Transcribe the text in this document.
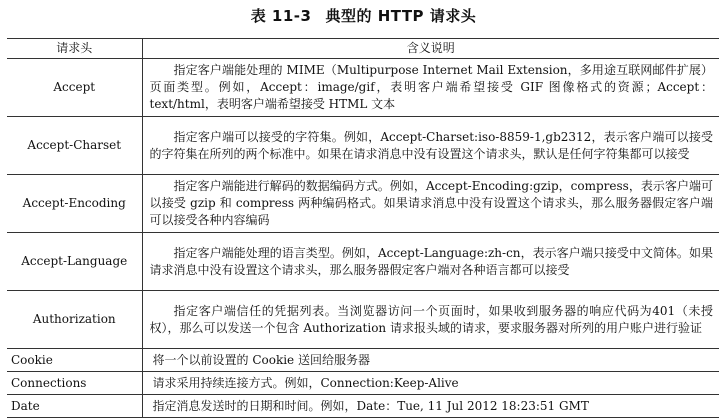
表 11-3 典型的 HTTP 请求头
请求头	含义说明
Accept	指定客户端能处理的 MIME（Multipurpose Internet Mail Extension，多用途互联网邮件扩展）页面类型。例如，Accept：image/gif，表明客户端希望接受 GIF 图像格式的资源；Accept：text/html，表明客户端希望接受 HTML 文本
Accept-Charset	指定客户端可以接受的字符集。例如，Accept-Charset:iso-8859-1,gb2312，表示客户端可以接受的字符集在所列的两个标准中。如果在请求消息中没有设置这个请求头，默认是任何字符集都可以接受
Accept-Encoding	指定客户端能进行解码的数据编码方式。例如，Accept-Encoding:gzip，compress，表示客户端可以接受 gzip 和 compress 两种编码格式。如果请求消息中没有设置这个请求头，那么服务器假定客户端可以接受各种内容编码
Accept-Language	指定客户端能处理的语言类型。例如，Accept-Language:zh-cn，表示客户端只接受中文简体。如果请求消息中没有设置这个请求头，那么服务器假定客户端对各种语言都可以接受
Authorization	指定客户端信任的凭据列表。当浏览器访问一个页面时，如果收到服务器的响应代码为401（未授权），那么可以发送一个包含 Authorization 请求报头域的请求，要求服务器对所列的用户账户进行验证
Cookie	将一个以前设置的 Cookie 送回给服务器
Connections	请求采用持续连接方式。例如，Connection:Keep-Alive
Date	指定消息发送时的日期和时间。例如，Date：Tue, 11 Jul 2012 18:23:51 GMT
